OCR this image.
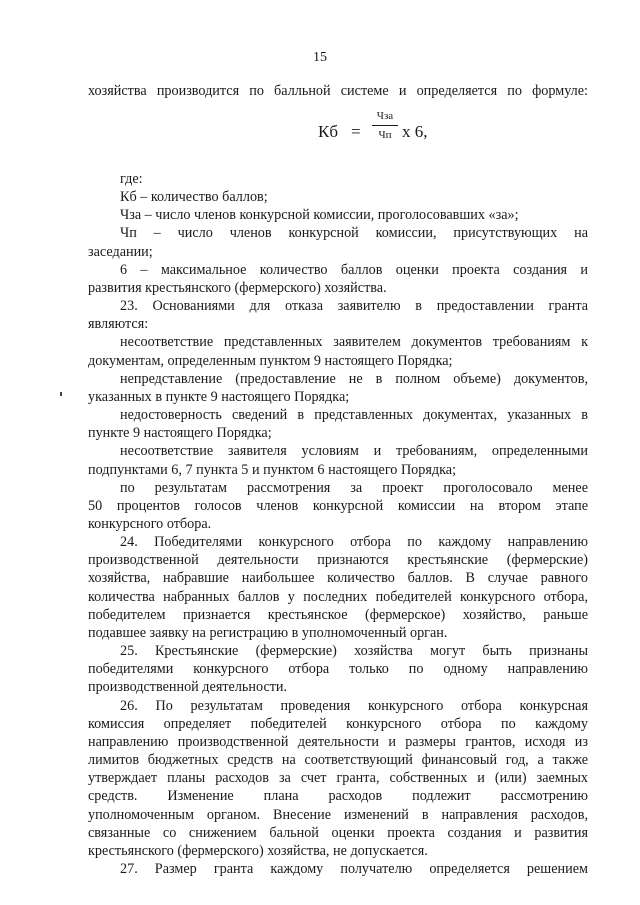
15
Кб =
Чза
Чп х 6,
хозяйства производится по балльной системе и определяется по формуле:
где:
Кб – количество баллов;
Чза – число членов конкурсной комиссии, проголосовавших «за»;
Чп – число членов конкурсной комиссии, присутствующих на
заседании;
6 – максимальное количество баллов оценки проекта создания и
развития крестьянского (фермерского) хозяйства.
23. Основаниями для отказа заявителю в предоставлении гранта
являются:
несоответствие представленных заявителем документов требованиям к
документам, определенным пунктом 9 настоящего Порядка;
непредставление (предоставление не в полном объеме) документов,
указанных в пункте 9 настоящего Порядка;
недостоверность сведений в представленных документах, указанных в
пункте 9 настоящего Порядка;
несоответствие заявителя условиям и требованиям, определенными
подпунктами 6, 7 пункта 5 и пунктом 6 настоящего Порядка;
по результатам рассмотрения за проект проголосовало менее
50 процентов голосов членов конкурсной комиссии на втором этапе
конкурсного отбора.
24. Победителями конкурсного отбора по каждому направлению
производственной деятельности признаются крестьянские (фермерские)
хозяйства, набравшие наибольшее количество баллов. В случае равного
количества набранных баллов у последних победителей конкурсного отбора,
победителем признается крестьянское (фермерское) хозяйство, раньше
подавшее заявку на регистрацию в уполномоченный орган.
25. Крестьянские (фермерские) хозяйства могут быть признаны
победителями конкурсного отбора только по одному направлению
производственной деятельности.
26. По результатам проведения конкурсного отбора конкурсная
комиссия определяет победителей конкурсного отбора по каждому
направлению производственной деятельности и размеры грантов, исходя из
лимитов бюджетных средств на соответствующий финансовый год, а также
утверждает планы расходов за счет гранта, собственных и (или) заемных
средств. Изменение плана расходов подлежит рассмотрению
уполномоченным органом. Внесение изменений в направления расходов,
связанные со снижением бальной оценки проекта создания и развития
крестьянского (фермерского) хозяйства, не допускается.
27. Размер гранта каждому получателю определяется решением
